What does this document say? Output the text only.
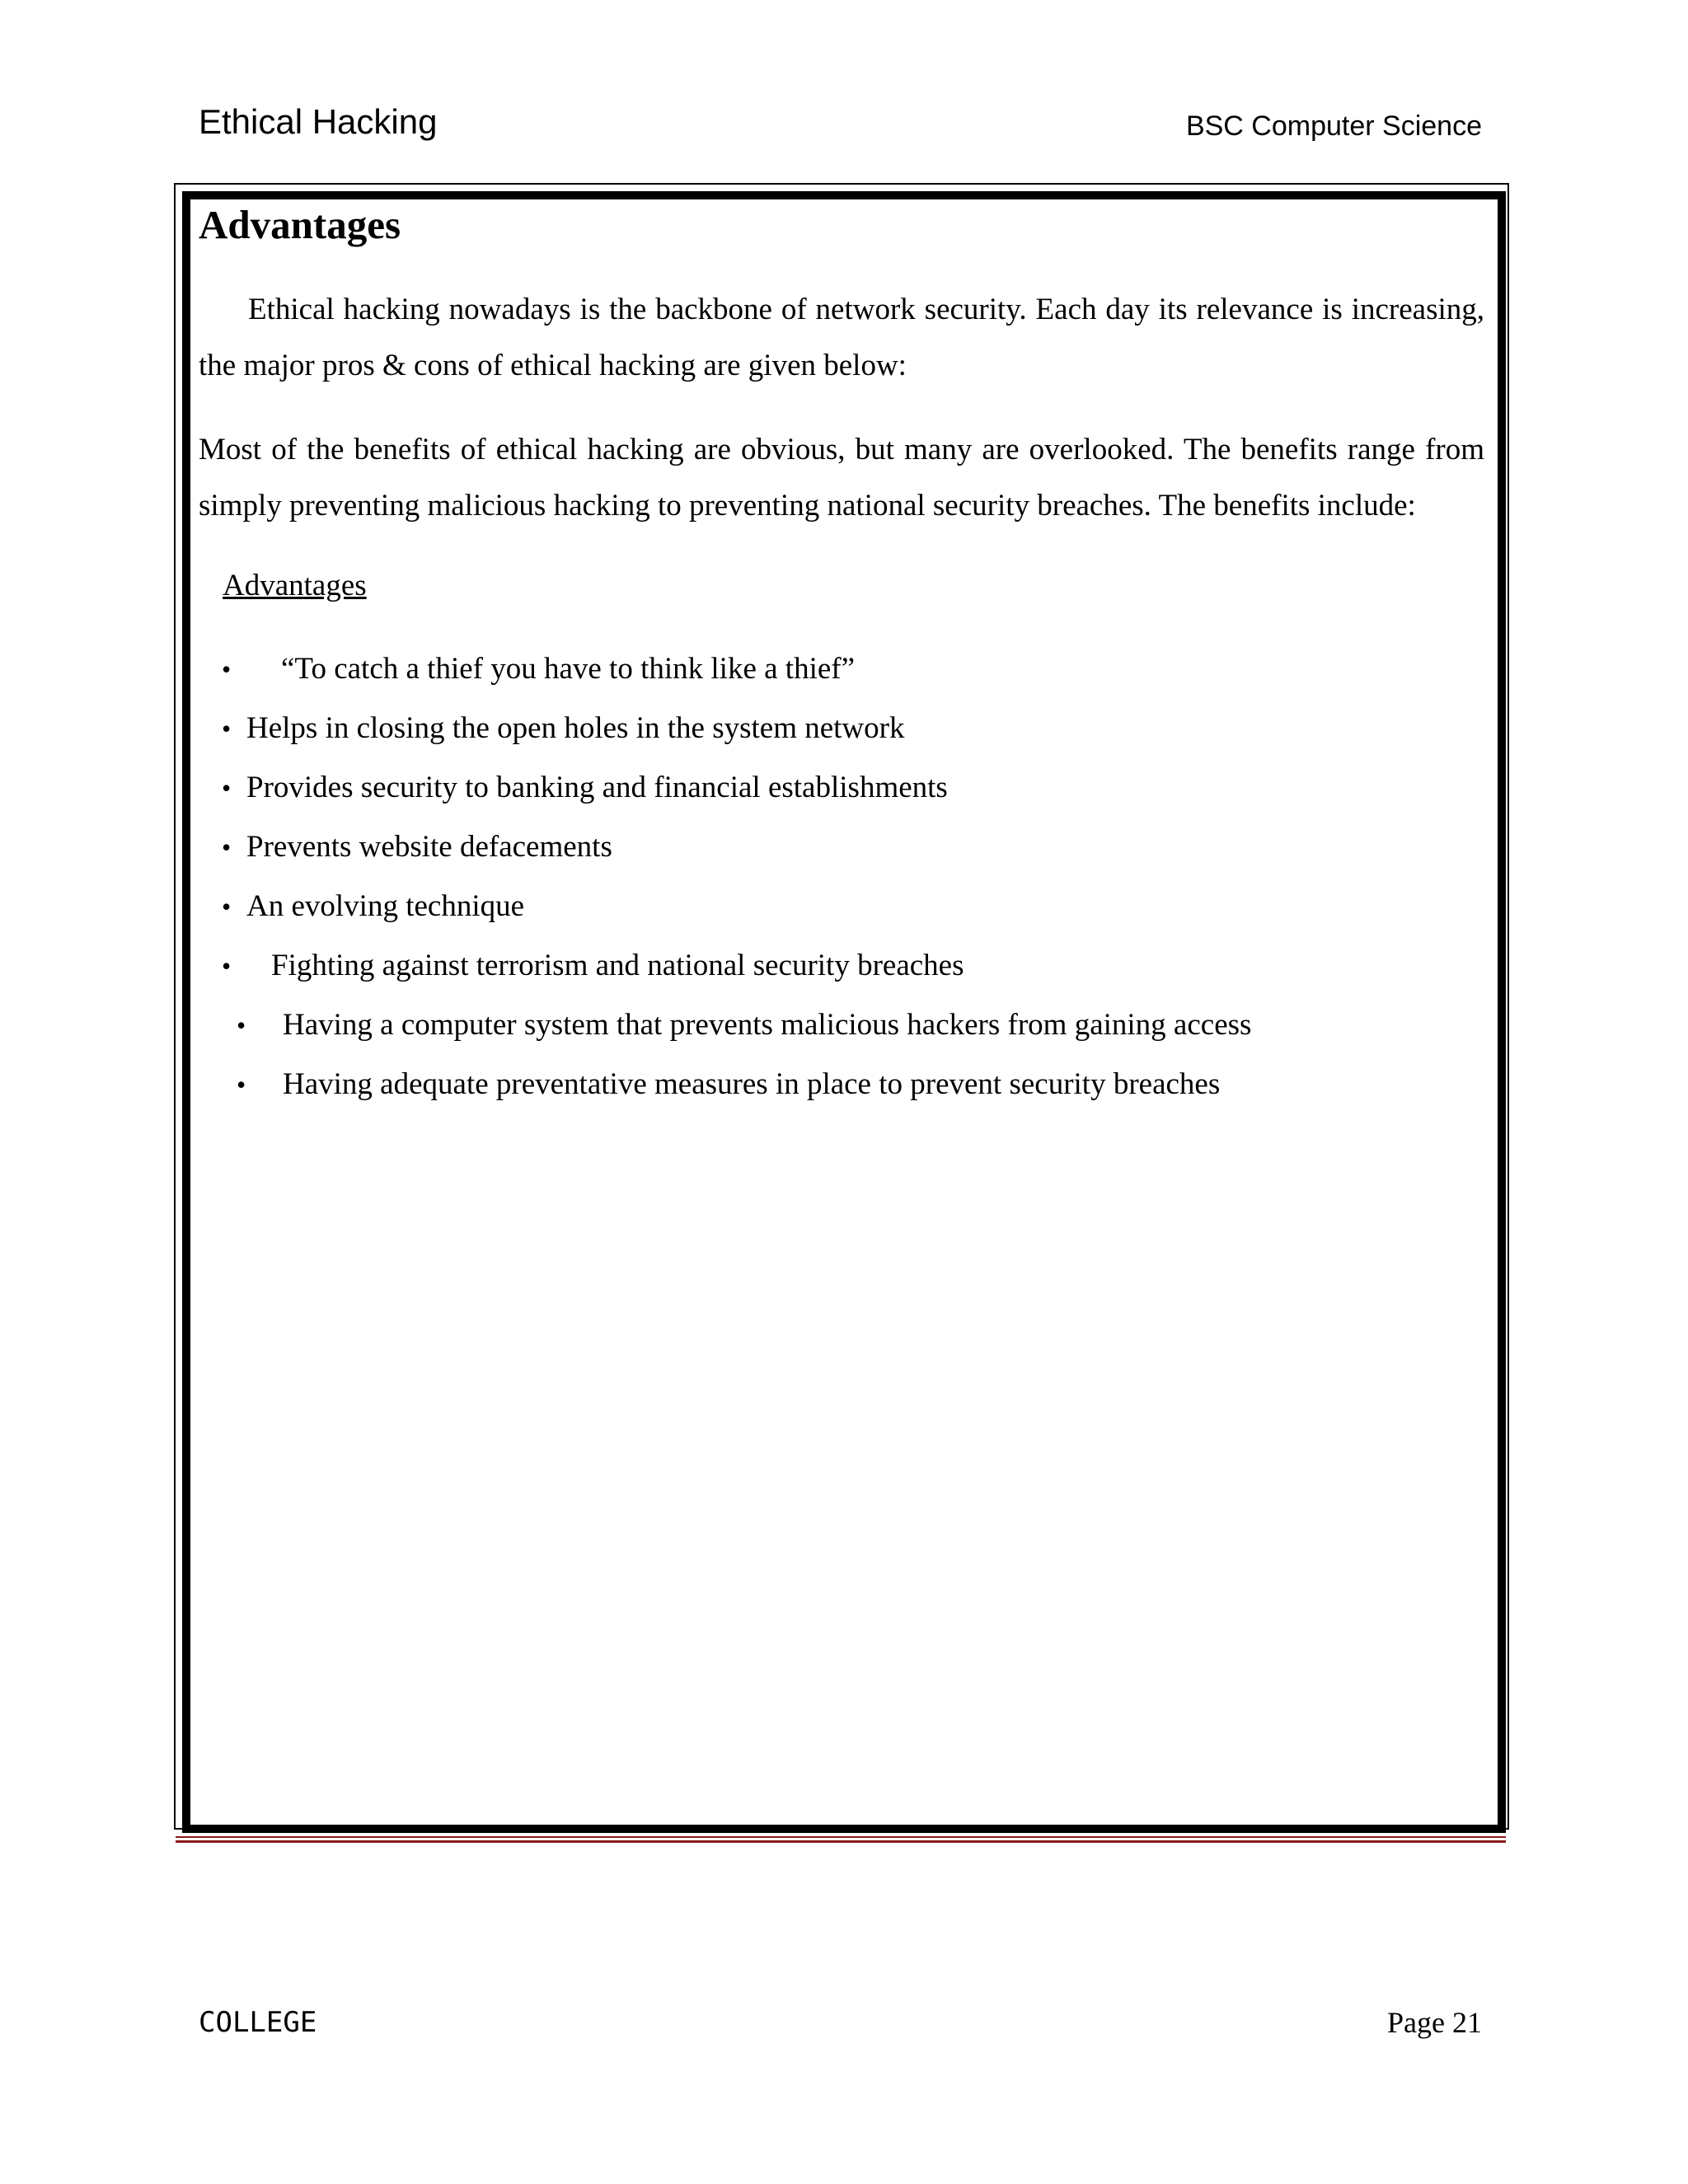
Ethical Hacking	BSC Computer Science
Advantages

Ethical hacking nowadays is the backbone of network security. Each day its relevance is increasing, the major pros & cons of ethical hacking are given below:

Most of the benefits of ethical hacking are obvious, but many are overlooked. The benefits range from simply preventing malicious hacking to preventing national security breaches. The benefits include:

Advantages
• “To catch a thief you have to think like a thief”
• Helps in closing the open holes in the system network
• Provides security to banking and financial establishments
• Prevents website defacements
• An evolving technique
• Fighting against terrorism and national security breaches
• Having a computer system that prevents malicious hackers from gaining access
• Having adequate preventative measures in place to prevent security breaches
COLLEGE	Page 21
